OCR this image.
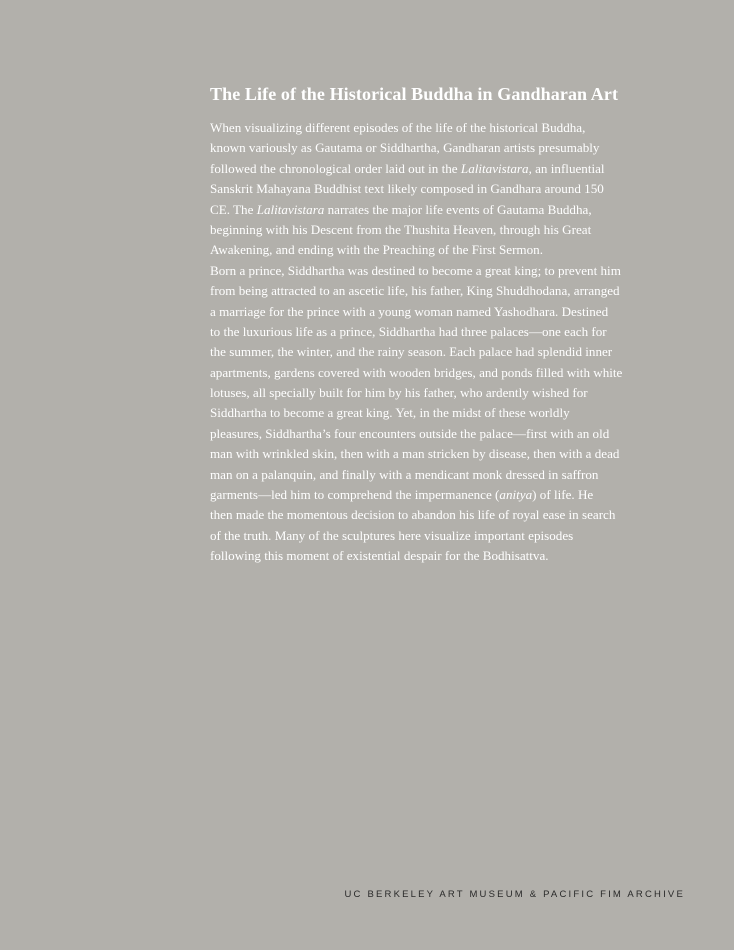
The Life of the Historical Buddha in Gandharan Art

When visualizing different episodes of the life of the historical Buddha,
known variously as Gautama or Siddhartha, Gandharan artists presumably
followed the chronological order laid out in the Lalitavistara, an influential
Sanskrit Mahayana Buddhist text likely composed in Gandhara around 150
CE. The Lalitavistara narrates the major life events of Gautama Buddha,
beginning with his Descent from the Thushita Heaven, through his Great
Awakening, and ending with the Preaching of the First Sermon.

Born a prince, Siddhartha was destined to become a great king; to prevent him
from being attracted to an ascetic life, his father, King Shuddhodana, arranged
a marriage for the prince with a young woman named Yashodhara. Destined
to the luxurious life as a prince, Siddhartha had three palaces—one each for
the summer, the winter, and the rainy season. Each palace had splendid inner
apartments, gardens covered with wooden bridges, and ponds filled with white
lotuses, all specially built for him by his father, who ardently wished for
Siddhartha to become a great king. Yet, in the midst of these worldly
pleasures, Siddhartha’s four encounters outside the palace—first with an old
man with wrinkled skin, then with a man stricken by disease, then with a dead
man on a palanquin, and finally with a mendicant monk dressed in saffron
garments—led him to comprehend the impermanence (anitya) of life. He
then made the momentous decision to abandon his life of royal ease in search
of the truth. Many of the sculptures here visualize important episodes
following this moment of existential despair for the Bodhisattva.

UC BERKELEY ART MUSEUM & PACIFIC FIM ARCHIVE
